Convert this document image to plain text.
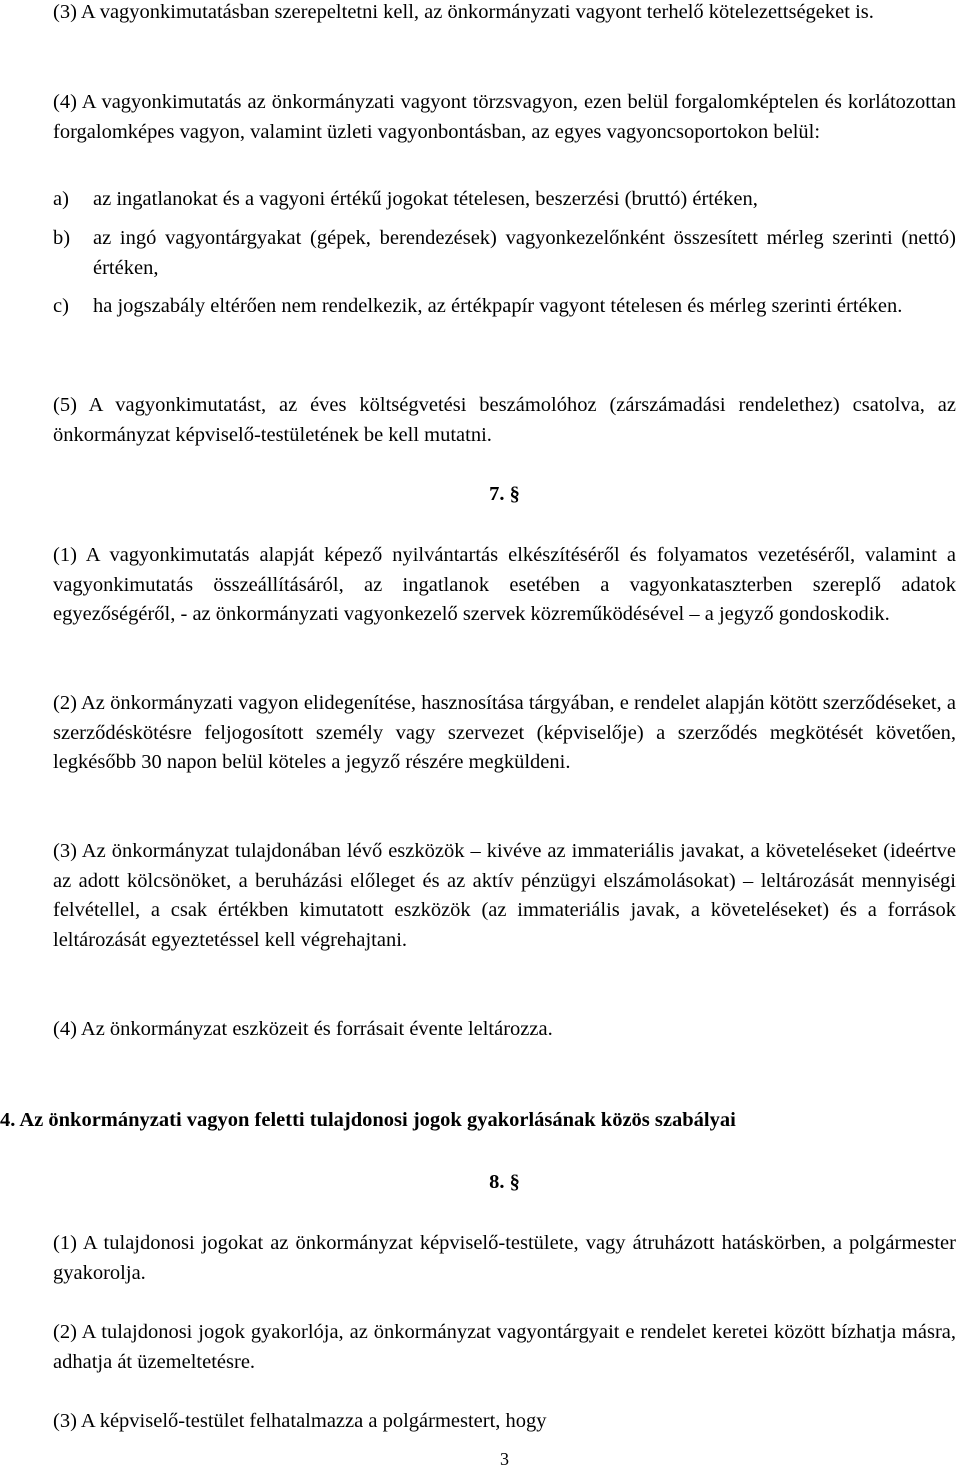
(3) A vagyonkimutatásban szerepeltetni kell, az önkormányzati vagyont terhelő kötelezettségeket is.
(4) A vagyonkimutatás az önkormányzati vagyont törzsvagyon, ezen belül forgalomképtelen és korlátozottan forgalomképes vagyon, valamint üzleti vagyonbontásban, az egyes vagyoncsoportokon belül:
a) az ingatlanokat és a vagyoni értékű jogokat tételesen, beszerzési (bruttó) értéken,
b) az ingó vagyontárgyakat (gépek, berendezések) vagyonkezelőnként összesített mérleg szerinti (nettó) értéken,
c) ha jogszabály eltérően nem rendelkezik, az értékpapír vagyont tételesen és mérleg szerinti értéken.
(5) A vagyonkimutatást, az éves költségvetési beszámolóhoz (zárszámadási rendelethez) csatolva, az önkormányzat képviselő-testületének be kell mutatni.
7. §
(1) A vagyonkimutatás alapját képező nyilvántartás elkészítéséről és folyamatos vezetéséről, valamint a vagyonkimutatás összeállításáról, az ingatlanok esetében a vagyonkataszterben szereplő adatok egyezőségéről, - az önkormányzati vagyonkezelő szervek közreműködésével – a jegyző gondoskodik.
(2) Az önkormányzati vagyon elidegenítése, hasznosítása tárgyában, e rendelet alapján kötött szerződéseket, a szerződéskötésre feljogosított személy vagy szervezet (képviselője) a szerződés megkötését követően, legkésőbb 30 napon belül köteles a jegyző részére megküldeni.
(3) Az önkormányzat tulajdonában lévő eszközök – kivéve az immateriális javakat, a követeléseket (ideértve az adott kölcsönöket, a beruházási előleget és az aktív pénzügyi elszámolásokat) – leltározását mennyiségi felvétellel, a csak értékben kimutatott eszközök (az immateriális javak, a követeléseket) és a források leltározását egyeztetéssel kell végrehajtani.
(4) Az önkormányzat eszközeit és forrásait évente leltározza.
4. Az önkormányzati vagyon feletti tulajdonosi jogok gyakorlásának közös szabályai
8. §
(1) A tulajdonosi jogokat az önkormányzat képviselő-testülete, vagy átruházott hatáskörben, a polgármester gyakorolja.
(2) A tulajdonosi jogok gyakorlója, az önkormányzat vagyontárgyait e rendelet keretei között bízhatja másra, adhatja át üzemeltetésre.
(3) A képviselő-testület felhatalmazza a polgármestert, hogy
3
